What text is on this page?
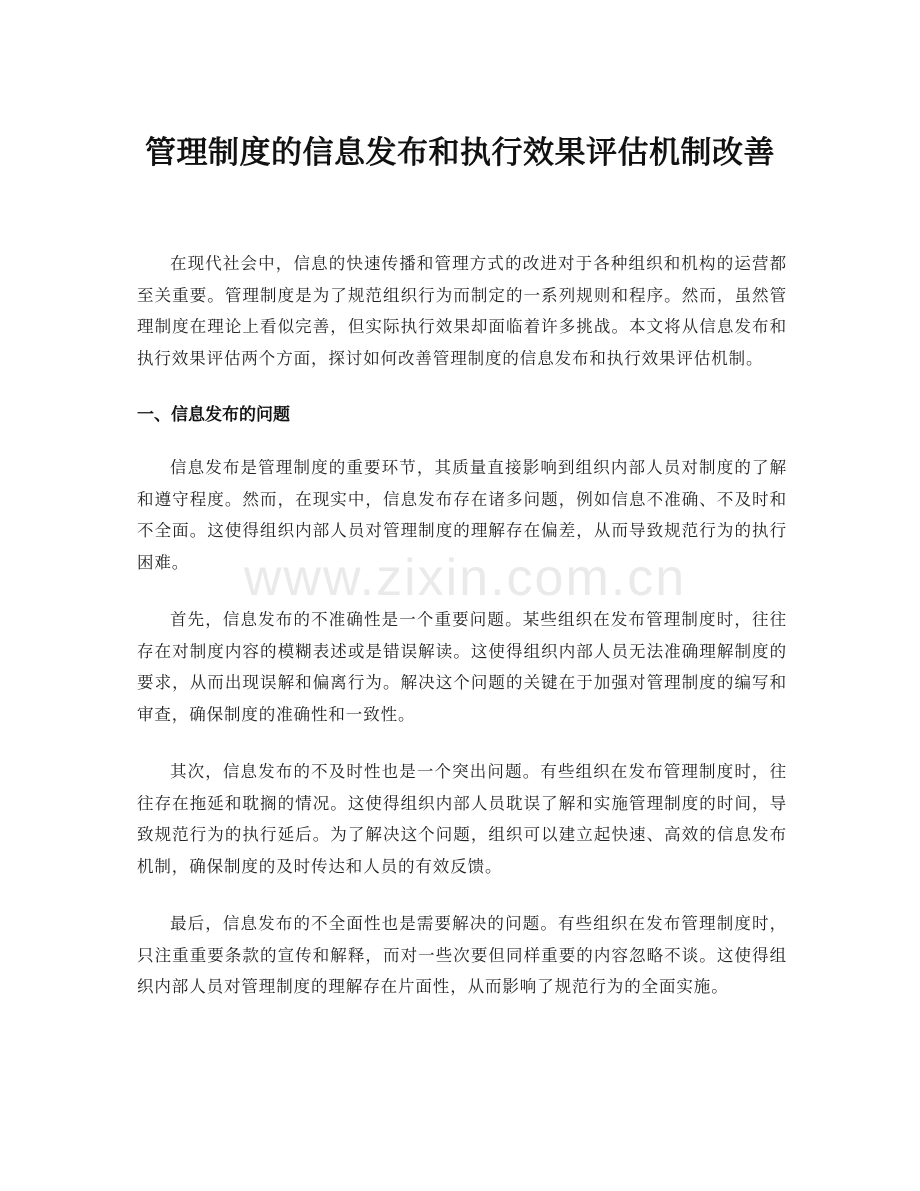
www.zixin.com.cn
管理制度的信息发布和执行效果评估机制改善

在现代社会中，信息的快速传播和管理方式的改进对于各种组织和机构的运营都至关重要。管理制度是为了规范组织行为而制定的一系列规则和程序。然而，虽然管理制度在理论上看似完善，但实际执行效果却面临着许多挑战。本文将从信息发布和执行效果评估两个方面，探讨如何改善管理制度的信息发布和执行效果评估机制。

一、信息发布的问题

信息发布是管理制度的重要环节，其质量直接影响到组织内部人员对制度的了解和遵守程度。然而，在现实中，信息发布存在诸多问题，例如信息不准确、不及时和不全面。这使得组织内部人员对管理制度的理解存在偏差，从而导致规范行为的执行困难。

首先，信息发布的不准确性是一个重要问题。某些组织在发布管理制度时，往往存在对制度内容的模糊表述或是错误解读。这使得组织内部人员无法准确理解制度的要求，从而出现误解和偏离行为。解决这个问题的关键在于加强对管理制度的编写和审查，确保制度的准确性和一致性。

其次，信息发布的不及时性也是一个突出问题。有些组织在发布管理制度时，往往存在拖延和耽搁的情况。这使得组织内部人员耽误了解和实施管理制度的时间，导致规范行为的执行延后。为了解决这个问题，组织可以建立起快速、高效的信息发布机制，确保制度的及时传达和人员的有效反馈。

最后，信息发布的不全面性也是需要解决的问题。有些组织在发布管理制度时，只注重重要条款的宣传和解释，而对一些次要但同样重要的内容忽略不谈。这使得组织内部人员对管理制度的理解存在片面性，从而影响了规范行为的全面实施。
